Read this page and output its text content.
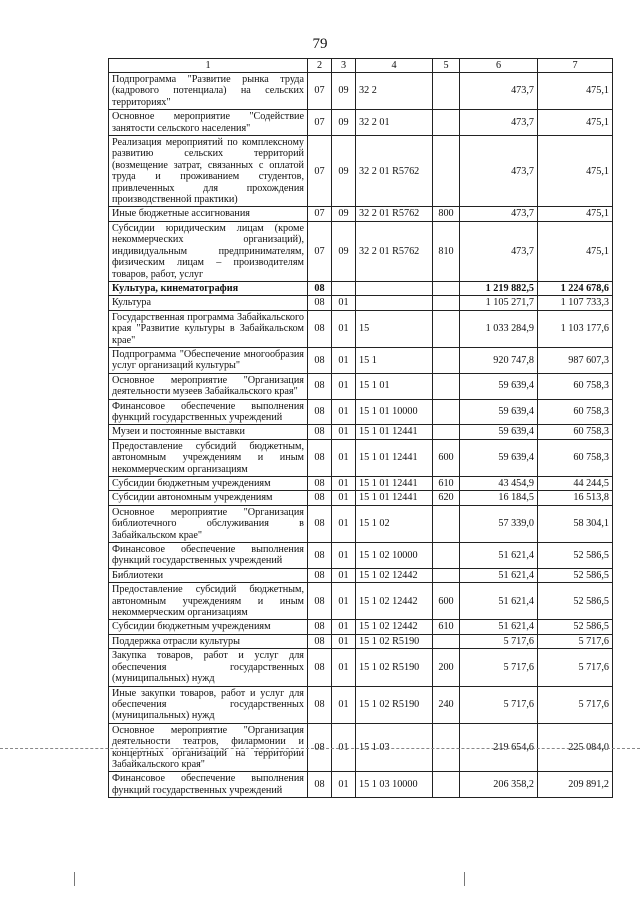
79
1	2	3	4	5	6	7
Подпрограмма "Развитие рынка труда (кадрового потенциала) на сельских территориях"	07	09	32 2		473,7	475,1
Основное мероприятие "Содействие занятости сельского населения"	07	09	32 2 01		473,7	475,1
Реализация мероприятий по комплексному развитию сельских территорий (возмещение затрат, связанных с оплатой труда и проживанием студентов, привлеченных для прохождения производственной практики)	07	09	32 2 01 R5762		473,7	475,1
Иные бюджетные ассигнования	07	09	32 2 01 R5762	800	473,7	475,1
Субсидии юридическим лицам (кроме некоммерческих организаций), индивидуальным предпринимателям, физическим лицам – производителям товаров, работ, услуг	07	09	32 2 01 R5762	810	473,7	475,1
Культура, кинематография	08				1 219 882,5	1 224 678,6
Культура	08	01			1 105 271,7	1 107 733,3
Государственная программа Забайкальского края "Развитие культуры в Забайкальском крае"	08	01	15		1 033 284,9	1 103 177,6
Подпрограмма "Обеспечение многообразия услуг организаций культуры"	08	01	15 1		920 747,8	987 607,3
Основное мероприятие "Организация деятельности музеев Забайкальского края"	08	01	15 1 01		59 639,4	60 758,3
Финансовое обеспечение выполнения функций государственных учреждений	08	01	15 1 01 10000		59 639,4	60 758,3
Музеи и постоянные выставки	08	01	15 1 01 12441		59 639,4	60 758,3
Предоставление субсидий бюджетным, автономным учреждениям и иным некоммерческим организациям	08	01	15 1 01 12441	600	59 639,4	60 758,3
Субсидии бюджетным учреждениям	08	01	15 1 01 12441	610	43 454,9	44 244,5
Субсидии автономным учреждениям	08	01	15 1 01 12441	620	16 184,5	16 513,8
Основное мероприятие "Организация библиотечного обслуживания в Забайкальском крае"	08	01	15 1 02		57 339,0	58 304,1
Финансовое обеспечение выполнения функций государственных учреждений	08	01	15 1 02 10000		51 621,4	52 586,5
Библиотеки	08	01	15 1 02 12442		51 621,4	52 586,5
Предоставление субсидий бюджетным, автономным учреждениям и иным некоммерческим организациям	08	01	15 1 02 12442	600	51 621,4	52 586,5
Субсидии бюджетным учреждениям	08	01	15 1 02 12442	610	51 621,4	52 586,5
Поддержка отрасли культуры	08	01	15 1 02 R5190		5 717,6	5 717,6
Закупка товаров, работ и услуг для обеспечения государственных (муниципальных) нужд	08	01	15 1 02 R5190	200	5 717,6	5 717,6
Иные закупки товаров, работ и услуг для обеспечения государственных (муниципальных) нужд	08	01	15 1 02 R5190	240	5 717,6	5 717,6
Основное мероприятие "Организация деятельности театров, филармонии и концертных организаций на территории Забайкальского края"	08	01	15 1 03		219 654,6	225 084,0
Финансовое обеспечение выполнения функций государственных учреждений	08	01	15 1 03 10000		206 358,2	209 891,2
